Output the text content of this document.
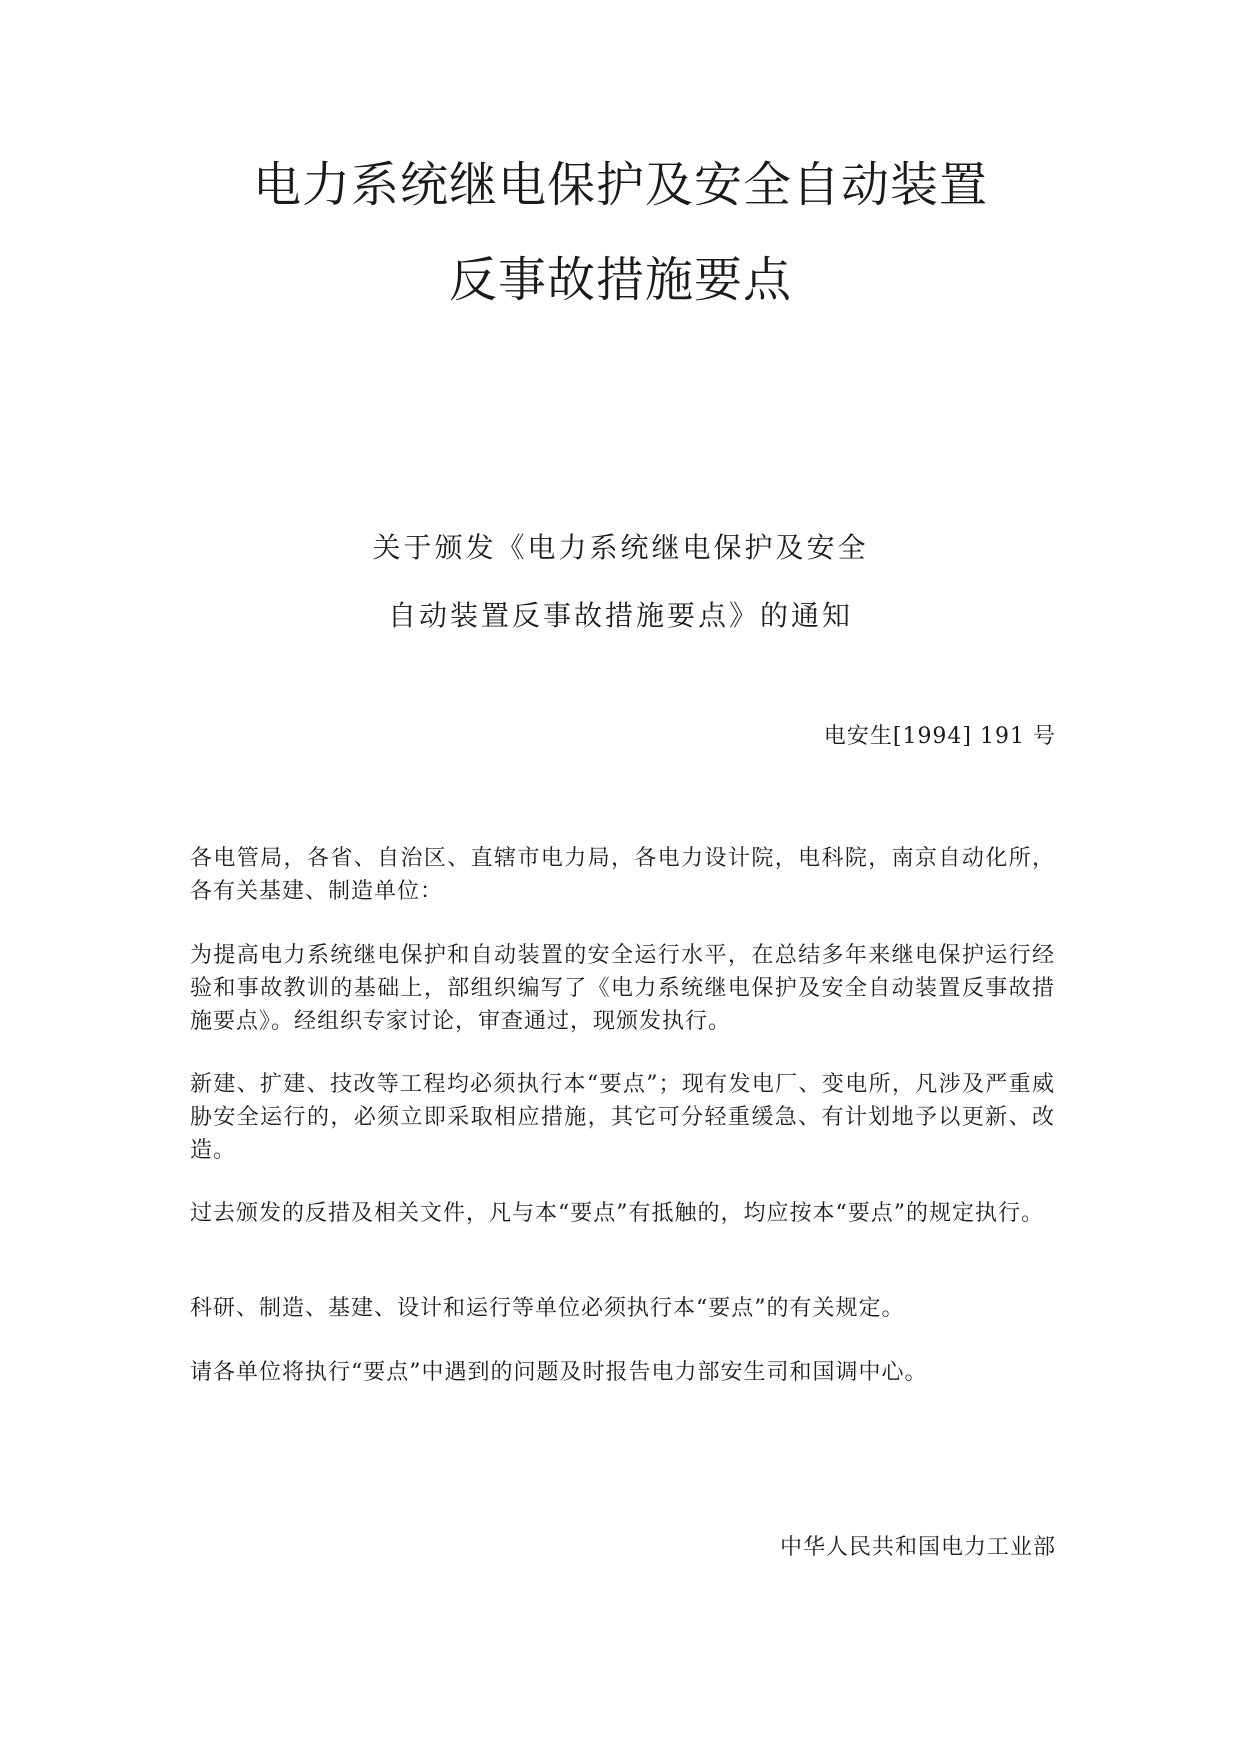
电力系统继电保护及安全自动装置
反事故措施要点
关于颁发《电力系统继电保护及安全
自动装置反事故措施要点》的通知
电安生[1994] 191 号

各电管局，各省、自治区、直辖市电力局，各电力设计院，电科院，南京自动化所，各有关基建、制造单位：

为提高电力系统继电保护和自动装置的安全运行水平，在总结多年来继电保护运行经验和事故教训的基础上，部组织编写了《电力系统继电保护及安全自动装置反事故措施要点》。经组织专家讨论，审查通过，现颁发执行。

新建、扩建、技改等工程均必须执行本“要点”；现有发电厂、变电所，凡涉及严重威胁安全运行的，必须立即采取相应措施，其它可分轻重缓急、有计划地予以更新、改造。

过去颁发的反措及相关文件，凡与本“要点”有抵触的，均应按本“要点”的规定执行。

科研、制造、基建、设计和运行等单位必须执行本“要点”的有关规定。

请各单位将执行“要点”中遇到的问题及时报告电力部安生司和国调中心。

中华人民共和国电力工业部
